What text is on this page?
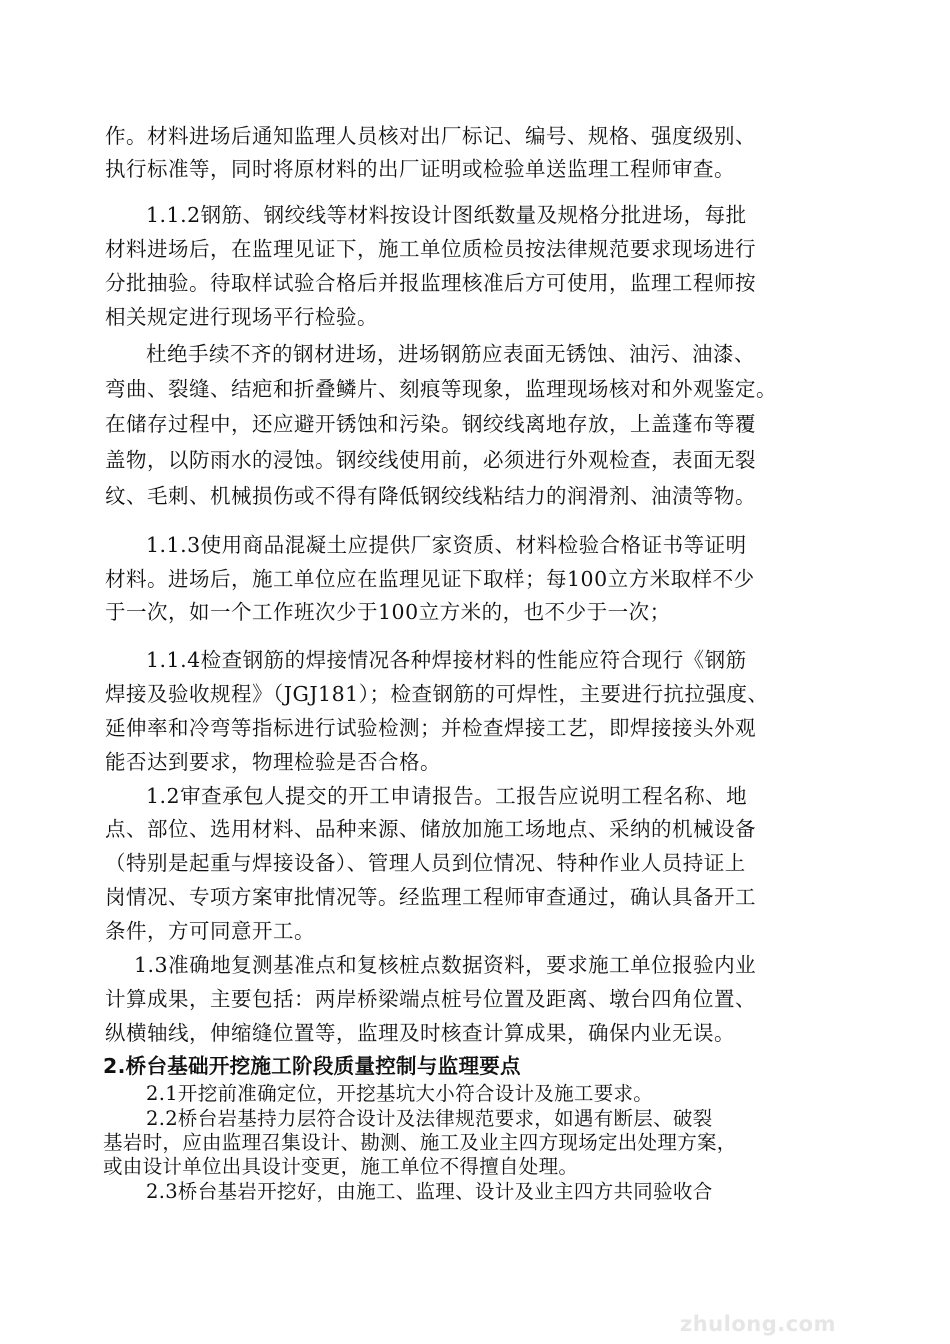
作。材料进场后通知监理人员核对出厂标记、编号、规格、强度级别、
执行标准等，同时将原材料的出厂证明或检验单送监理工程师审查。
1.1.2钢筋、钢绞线等材料按设计图纸数量及规格分批进场，每批
材料进场后，在监理见证下，施工单位质检员按法律规范要求现场进行
分批抽验。待取样试验合格后并报监理核准后方可使用，监理工程师按
相关规定进行现场平行检验。
杜绝手续不齐的钢材进场，进场钢筋应表面无锈蚀、油污、油漆、
弯曲、裂缝、结疤和折叠鳞片、刻痕等现象，监理现场核对和外观鉴定。
在储存过程中，还应避开锈蚀和污染。钢绞线离地存放，上盖蓬布等覆
盖物，以防雨水的浸蚀。钢绞线使用前，必须进行外观检查，表面无裂
纹、毛刺、机械损伤或不得有降低钢绞线粘结力的润滑剂、油渍等物。
1.1.3使用商品混凝土应提供厂家资质、材料检验合格证书等证明
材料。进场后，施工单位应在监理见证下取样；每100立方米取样不少
于一次，如一个工作班次少于100立方米的，也不少于一次；
1.1.4检查钢筋的焊接情况各种焊接材料的性能应符合现行《钢筋
焊接及验收规程》（JGJ181）；检查钢筋的可焊性，主要进行抗拉强度、
延伸率和冷弯等指标进行试验检测；并检查焊接工艺，即焊接接头外观
能否达到要求，物理检验是否合格。
1.2审查承包人提交的开工申请报告。工报告应说明工程名称、地
点、部位、选用材料、品种来源、储放加施工场地点、采纳的机械设备
（特别是起重与焊接设备）、管理人员到位情况、特种作业人员持证上
岗情况、专项方案审批情况等。经监理工程师审查通过，确认具备开工
条件，方可同意开工。
1.3准确地复测基准点和复核桩点数据资料，要求施工单位报验内业
计算成果，主要包括：两岸桥梁端点桩号位置及距离、墩台四角位置、
纵横轴线，伸缩缝位置等，监理及时核查计算成果，确保内业无误。
2.桥台基础开挖施工阶段质量控制与监理要点
2.1开挖前准确定位，开挖基坑大小符合设计及施工要求。
2.2桥台岩基持力层符合设计及法律规范要求，如遇有断层、破裂
基岩时，应由监理召集设计、勘测、施工及业主四方现场定出处理方案，
或由设计单位出具设计变更，施工单位不得擅自处理。
2.3桥台基岩开挖好，由施工、监理、设计及业主四方共同验收合
zhulong.com
